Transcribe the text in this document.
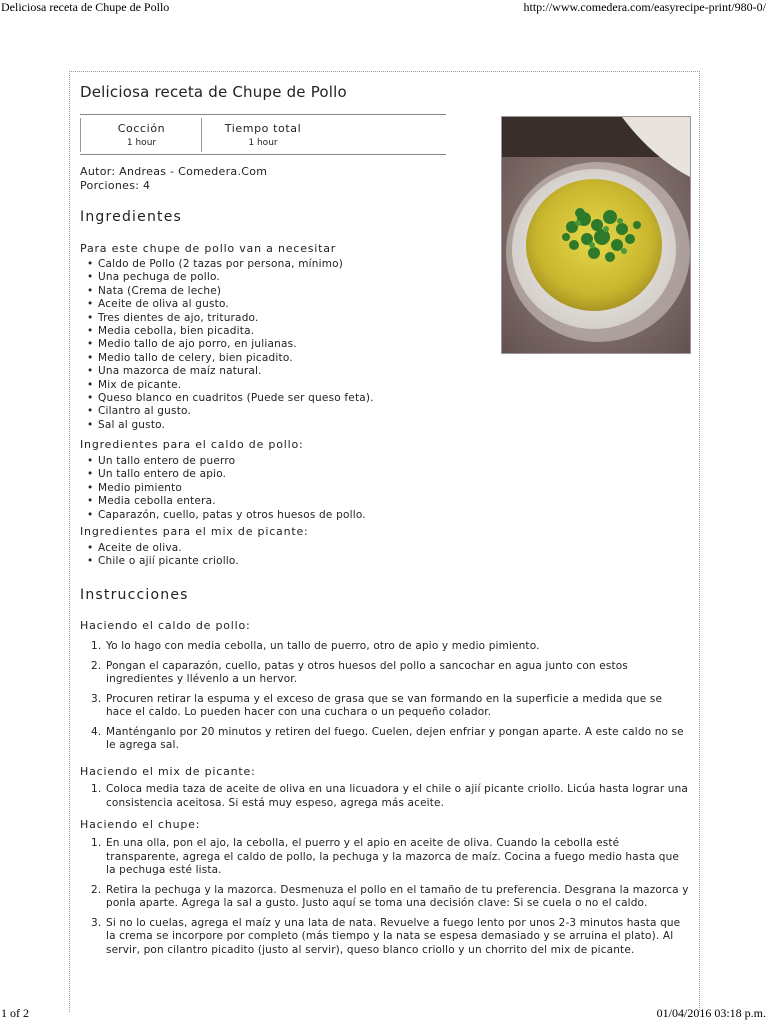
Deliciosa receta de Chupe de Pollo	http://www.comedera.com/easyrecipe-print/980-0/
Deliciosa receta de Chupe de Pollo
Cocción
1 hour
Tiempo total
1 hour
Autor: Andreas - Comedera.Com
Porciones: 4
Ingredientes
Para este chupe de pollo van a necesitar
• Caldo de Pollo (2 tazas por persona, mínimo)
• Una pechuga de pollo.
• Nata (Crema de leche)
• Aceite de oliva al gusto.
• Tres dientes de ajo, triturado.
• Media cebolla, bien picadita.
• Medio tallo de ajo porro, en julianas.
• Medio tallo de celery, bien picadito.
• Una mazorca de maíz natural.
• Mix de picante.
• Queso blanco en cuadritos (Puede ser queso feta).
• Cilantro al gusto.
• Sal al gusto.
Ingredientes para el caldo de pollo:
• Un tallo entero de puerro
• Un tallo entero de apio.
• Medio pimiento
• Media cebolla entera.
• Caparazón, cuello, patas y otros huesos de pollo.
Ingredientes para el mix de picante:
• Aceite de oliva.
• Chile o ajií picante criollo.
Instrucciones
Haciendo el caldo de pollo:
1. Yo lo hago con media cebolla, un tallo de puerro, otro de apio y medio pimiento.
2. Pongan el caparazón, cuello, patas y otros huesos del pollo a sancochar en agua junto con estos ingredientes y llévenlo a un hervor.
3. Procuren retirar la espuma y el exceso de grasa que se van formando en la superficie a medida que se hace el caldo. Lo pueden hacer con una cuchara o un pequeño colador.
4. Manténganlo por 20 minutos y retiren del fuego. Cuelen, dejen enfriar y pongan aparte. A este caldo no se le agrega sal.
Haciendo el mix de picante:
1. Coloca media taza de aceite de oliva en una licuadora y el chile o ajií picante criollo. Licúa hasta lograr una consistencia aceitosa. Si está muy espeso, agrega más aceite.
Haciendo el chupe:
1. En una olla, pon el ajo, la cebolla, el puerro y el apio en aceite de oliva. Cuando la cebolla esté transparente, agrega el caldo de pollo, la pechuga y la mazorca de maíz. Cocina a fuego medio hasta que la pechuga esté lista.
2. Retira la pechuga y la mazorca. Desmenuza el pollo en el tamaño de tu preferencia. Desgrana la mazorca y ponla aparte. Agrega la sal a gusto. Justo aquí se toma una decisión clave: Si se cuela o no el caldo.
3. Si no lo cuelas, agrega el maíz y una lata de nata. Revuelve a fuego lento por unos 2-3 minutos hasta que la crema se incorpore por completo (más tiempo y la nata se espesa demasiado y se arruina el plato). Al servir, pon cilantro picadito (justo al servir), queso blanco criollo y un chorrito del mix de picante.
1 of 2	01/04/2016 03:18 p.m.
